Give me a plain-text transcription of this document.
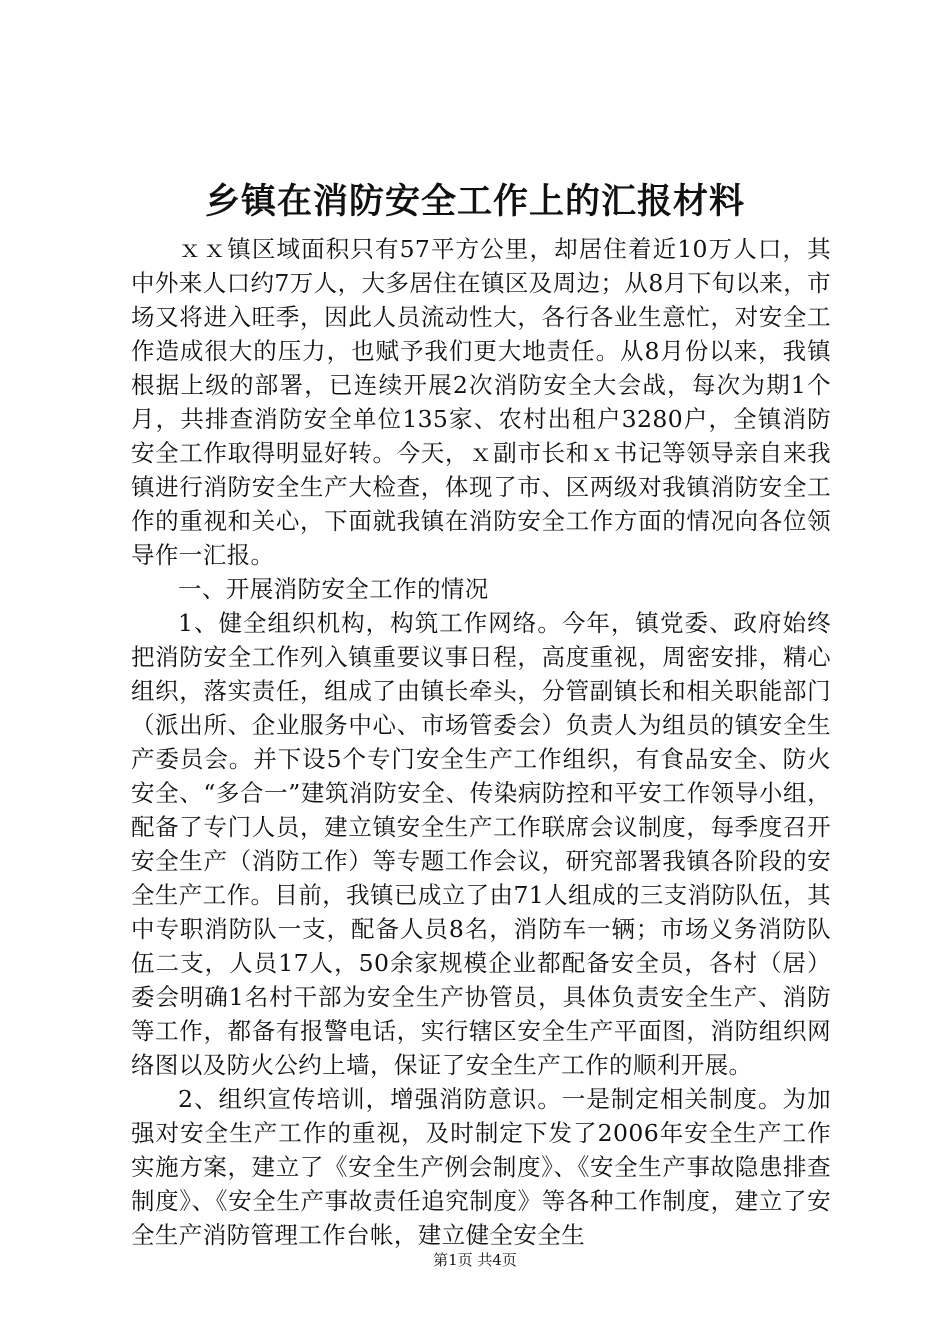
乡镇在消防安全工作上的汇报材料

ｘｘ镇区域面积只有57平方公里，却居住着近10万人口，其中外来人口约7万人，大多居住在镇区及周边；从8月下旬以来，市场又将进入旺季，因此人员流动性大，各行各业生意忙，对安全工作造成很大的压力，也赋予我们更大地责任。从8月份以来，我镇根据上级的部署，已连续开展2次消防安全大会战，每次为期1个月，共排查消防安全单位135家、农村出租户3280户，全镇消防安全工作取得明显好转。今天，ｘ副市长和ｘ书记等领导亲自来我镇进行消防安全生产大检查，体现了市、区两级对我镇消防安全工作的重视和关心，下面就我镇在消防安全工作方面的情况向各位领导作一汇报。

一、开展消防安全工作的情况

1、健全组织机构，构筑工作网络。今年，镇党委、政府始终把消防安全工作列入镇重要议事日程，高度重视，周密安排，精心组织，落实责任，组成了由镇长牵头，分管副镇长和相关职能部门（派出所、企业服务中心、市场管委会）负责人为组员的镇安全生产委员会。并下设5个专门安全生产工作组织，有食品安全、防火安全、“多合一”建筑消防安全、传染病防控和平安工作领导小组，配备了专门人员，建立镇安全生产工作联席会议制度，每季度召开安全生产（消防工作）等专题工作会议，研究部署我镇各阶段的安全生产工作。目前，我镇已成立了由71人组成的三支消防队伍，其中专职消防队一支，配备人员8名，消防车一辆；市场义务消防队伍二支，人员17人，50余家规模企业都配备安全员，各村（居）委会明确1名村干部为安全生产协管员，具体负责安全生产、消防等工作，都备有报警电话，实行辖区安全生产平面图，消防组织网络图以及防火公约上墙，保证了安全生产工作的顺利开展。

2、组织宣传培训，增强消防意识。一是制定相关制度。为加强对安全生产工作的重视，及时制定下发了2006年安全生产工作实施方案，建立了《安全生产例会制度》、《安全生产事故隐患排查制度》、《安全生产事故责任追究制度》等各种工作制度，建立了安全生产消防管理工作台帐，建立健全安全生

第1页 共4页
